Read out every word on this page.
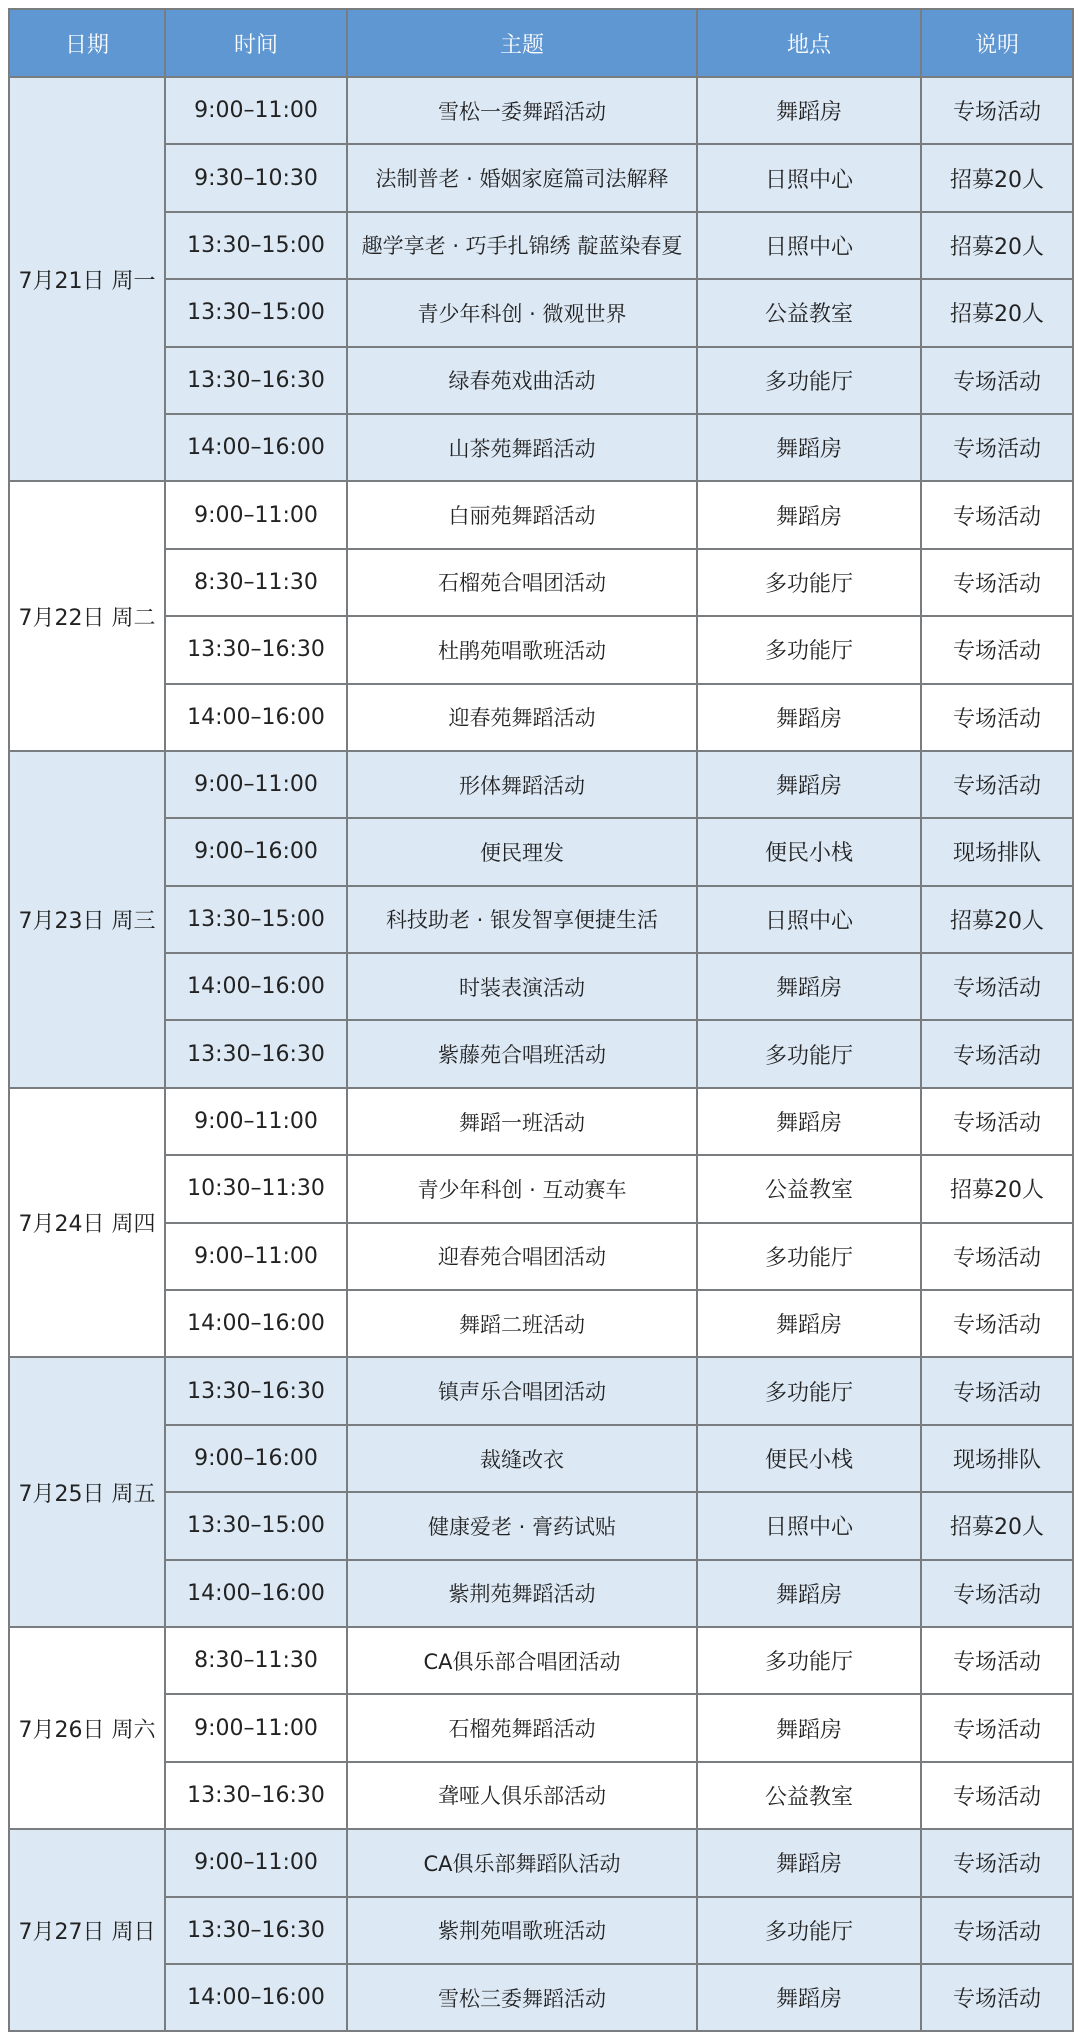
日期	时间	主题	地点	说明
7月21日 周一	9:00–11:00	雪松一委舞蹈活动	舞蹈房	专场活动
	9:30–10:30	法制普老 · 婚姻家庭篇司法解释	日照中心	招募20人
	13:30–15:00	趣学享老 · 巧手扎锦绣 靛蓝染春夏	日照中心	招募20人
	13:30–15:00	青少年科创 · 微观世界	公益教室	招募20人
	13:30–16:30	绿春苑戏曲活动	多功能厅	专场活动
	14:00–16:00	山茶苑舞蹈活动	舞蹈房	专场活动
7月22日 周二	9:00–11:00	白丽苑舞蹈活动	舞蹈房	专场活动
	8:30–11:30	石榴苑合唱团活动	多功能厅	专场活动
	13:30–16:30	杜鹃苑唱歌班活动	多功能厅	专场活动
	14:00–16:00	迎春苑舞蹈活动	舞蹈房	专场活动
7月23日 周三	9:00–11:00	形体舞蹈活动	舞蹈房	专场活动
	9:00–16:00	便民理发	便民小栈	现场排队
	13:30–15:00	科技助老 · 银发智享便捷生活	日照中心	招募20人
	14:00–16:00	时装表演活动	舞蹈房	专场活动
	13:30–16:30	紫藤苑合唱班活动	多功能厅	专场活动
7月24日 周四	9:00–11:00	舞蹈一班活动	舞蹈房	专场活动
	10:30–11:30	青少年科创 · 互动赛车	公益教室	招募20人
	9:00–11:00	迎春苑合唱团活动	多功能厅	专场活动
	14:00–16:00	舞蹈二班活动	舞蹈房	专场活动
7月25日 周五	13:30–16:30	镇声乐合唱团活动	多功能厅	专场活动
	9:00–16:00	裁缝改衣	便民小栈	现场排队
	13:30–15:00	健康爱老 · 膏药试贴	日照中心	招募20人
	14:00–16:00	紫荆苑舞蹈活动	舞蹈房	专场活动
7月26日 周六	8:30–11:30	CA俱乐部合唱团活动	多功能厅	专场活动
	9:00–11:00	石榴苑舞蹈活动	舞蹈房	专场活动
	13:30–16:30	聋哑人俱乐部活动	公益教室	专场活动
7月27日 周日	9:00–11:00	CA俱乐部舞蹈队活动	舞蹈房	专场活动
	13:30–16:30	紫荆苑唱歌班活动	多功能厅	专场活动
	14:00–16:00	雪松三委舞蹈活动	舞蹈房	专场活动
